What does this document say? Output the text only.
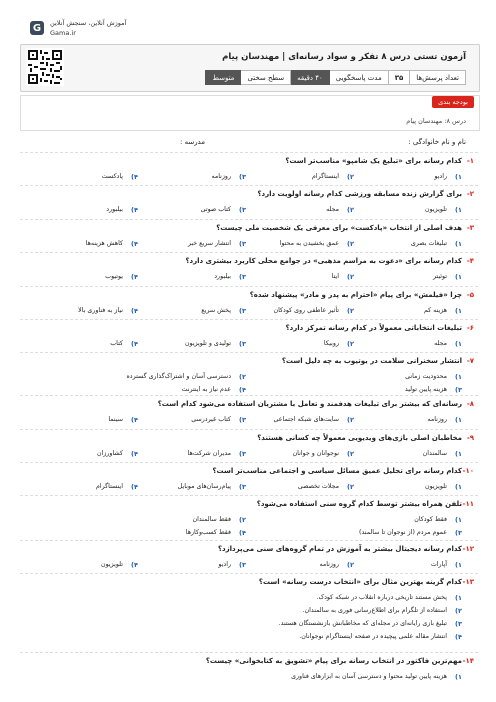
G	آموزش آنلاین، سنجش آنلاین
Gama.ir
آزمون تستی درس ۸ تفکر و سواد رسانه‌ای | مهندسان پیام
تعداد پرسش‌ها
۳۵
مدت پاسخگویی
۴۰ دقیقه
سطح سختی
متوسط
بودجه بندی
درس ۸: مهندسان پیام
نام و نام خانوادگی :
مدرسه :
۱-
کدام رسانه برای «تبلیغ یک شامپو» مناسب‌تر است؟
۱)
رادیو
۲)
اینستاگرام
۳)
روزنامه
۴)
پادکست
۲-
برای گزارش زنده مسابقه ورزشی کدام رسانه اولویت دارد؟
۱)
تلویزیون
۲)
مجله
۳)
کتاب صوتی
۴)
بیلبورد
۳-
هدف اصلی از انتخاب «پادکست» برای معرفی یک شخصیت ملی چیست؟
۱)
تبلیغات بصری
۲)
عمق بخشیدن به محتوا
۳)
انتشار سریع خبر
۴)
کاهش هزینه‌ها
۴-
کدام رسانه برای «دعوت به مراسم مذهبی» در جوامع محلی کاربرد بیشتری دارد؟
۱)
توئیتر
۲)
ایتا
۳)
بیلبورد
۴)
یوتیوب
۵-
چرا «فیلمش» برای پیام «احترام به پدر و مادر» پیشنهاد شده؟
۱)
هزینه کم
۲)
تأثیر عاطفی روی کودکان
۳)
پخش سریع
۴)
نیاز به فناوری بالا
۶-
تبلیغات انتخاباتی معمولاً در کدام رسانه تمرکز دارد؟
۱)
مجله
۲)
روبیکا
۳)
تولیدی و تلویزیون
۴)
کتاب
۷-
انتشار سخنرانی سلامت در یوتیوب به چه دلیل است؟
۱)
محدودیت زمانی
۲)
دسترسی آسان و اشتراک‌گذاری گسترده
۳)
هزینه پایین تولید
۴)
عدم نیاز به اینترنت
۸-
رسانه‌ای که بیشتر برای تبلیغات هدفمند و تعامل با مشتریان استفاده می‌شود کدام است؟
۱)
روزنامه
۲)
سایت‌های شبکه اجتماعی
۳)
کتاب غیردرسی
۴)
سینما
۹-
مخاطبان اصلی بازی‌های ویدیویی معمولاً چه کسانی هستند؟
۱)
سالمندان
۲)
نوجوانان و جوانان
۳)
مدیران شرکت‌ها
۴)
کشاورزان
۱۰-
کدام رسانه برای تحلیل عمیق مسائل سیاسی و اجتماعی مناسب‌تر است؟
۱)
تلویزیون
۲)
مجلات تخصصی
۳)
پیام‌رسان‌های موبایل
۴)
اینستاگرام
۱۱-
تلفن همراه بیشتر توسط کدام گروه سنی استفاده می‌شود؟
۱)
فقط کودکان
۲)
فقط سالمندان
۳)
عموم مردم (از نوجوان تا سالمند)
۴)
فقط کسب‌وکارها
۱۲-
کدام رسانه دیجیتال بیشتر به آموزش در تمام گروه‌های سنی می‌پردازد؟
۱)
آپارات
۲)
روزنامه
۳)
رادیو
۴)
تلویزیون
۱۳-
کدام گزینه بهترین مثال برای «انتخاب درست رسانه» است؟
۱)
پخش مستند تاریخی درباره انقلاب در شبکه کودک.
۲)
استفاده از تلگرام برای اطلاع‌رسانی فوری به سالمندان.
۳)
تبلیغ بازی رایانه‌ای در مجله‌ای که مخاطبانش بازنشستگان هستند.
۴)
انتشار مقاله علمی پیچیده در صفحه اینستاگرام نوجوانان.
۱۴-
مهم‌ترین فاکتور در انتخاب رسانه برای پیام «تشویق به کتابخوانی» چیست؟
۱)
هزینه پایین تولید محتوا و دسترسی آسان به ابزارهای فناوری
